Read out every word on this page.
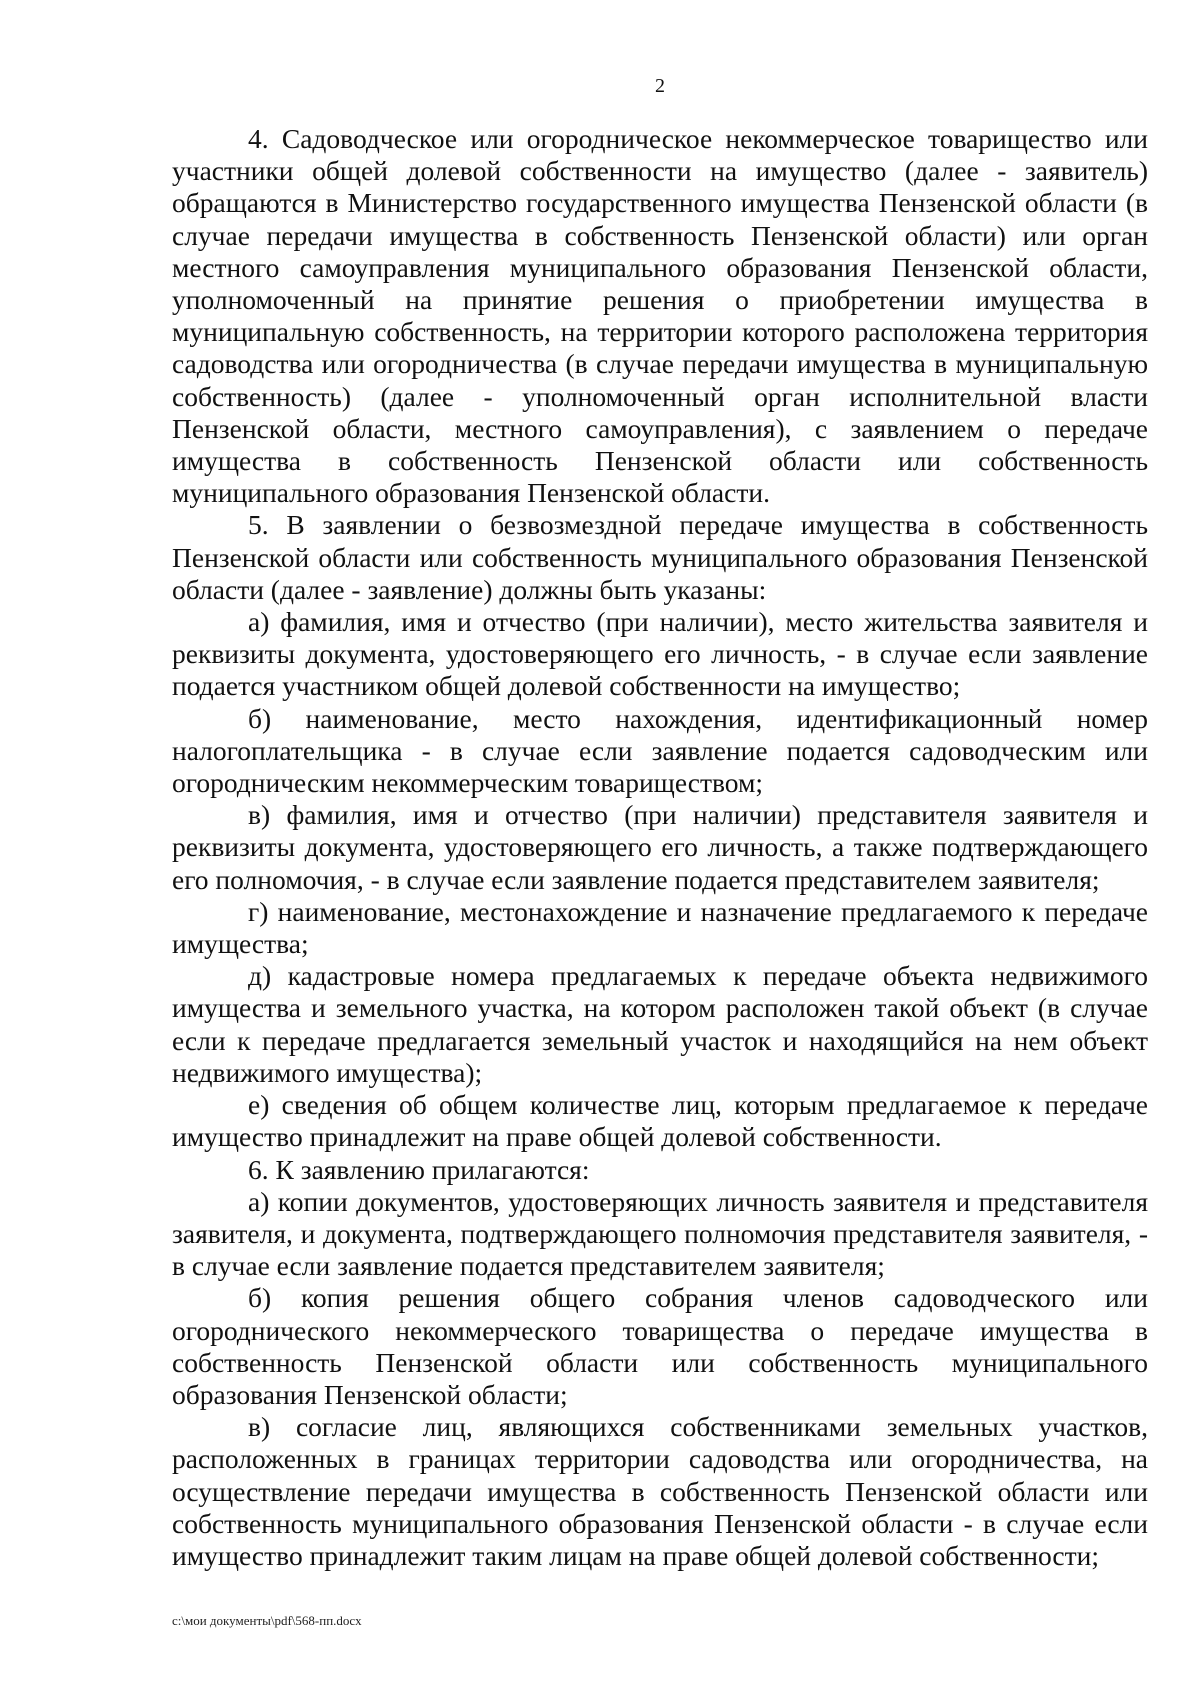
2

4. Садоводческое или огородническое некоммерческое товарищество или участники общей долевой собственности на имущество (далее - заявитель) обращаются в Министерство государственного имущества Пензенской области (в случае передачи имущества в собственность Пензенской области) или орган местного самоуправления муниципального образования Пензенской области, уполномоченный на принятие решения о приобретении имущества в муниципальную собственность, на территории которого расположена территория садоводства или огородничества (в случае передачи имущества в муниципальную собственность) (далее - уполномоченный орган исполнительной власти Пензенской области, местного самоуправления), с заявлением о передаче имущества в собственность Пензенской области или собственность муниципального образования Пензенской области.

5. В заявлении о безвозмездной передаче имущества в собственность Пензенской области или собственность муниципального образования Пензенской области (далее - заявление) должны быть указаны:

а) фамилия, имя и отчество (при наличии), место жительства заявителя и реквизиты документа, удостоверяющего его личность, - в случае если заявление подается участником общей долевой собственности на имущество;

б) наименование, место нахождения, идентификационный номер налогоплательщика - в случае если заявление подается садоводческим или огородническим некоммерческим товариществом;

в) фамилия, имя и отчество (при наличии) представителя заявителя и реквизиты документа, удостоверяющего его личность, а также подтверждающего его полномочия, - в случае если заявление подается представителем заявителя;

г) наименование, местонахождение и назначение предлагаемого к передаче имущества;

д) кадастровые номера предлагаемых к передаче объекта недвижимого имущества и земельного участка, на котором расположен такой объект (в случае если к передаче предлагается земельный участок и находящийся на нем объект недвижимого имущества);

е) сведения об общем количестве лиц, которым предлагаемое к передаче имущество принадлежит на праве общей долевой собственности.

6. К заявлению прилагаются:

а) копии документов, удостоверяющих личность заявителя и представителя заявителя, и документа, подтверждающего полномочия представителя заявителя, - в случае если заявление подается представителем заявителя;

б) копия решения общего собрания членов садоводческого или огороднического некоммерческого товарищества о передаче имущества в собственность Пензенской области или собственность муниципального образования Пензенской области;

в) согласие лиц, являющихся собственниками земельных участков, расположенных в границах территории садоводства или огородничества, на осуществление передачи имущества в собственность Пензенской области или собственность муниципального образования Пензенской области - в случае если имущество принадлежит таким лицам на праве общей долевой собственности;

c:\мои документы\pdf\568-пп.docx
